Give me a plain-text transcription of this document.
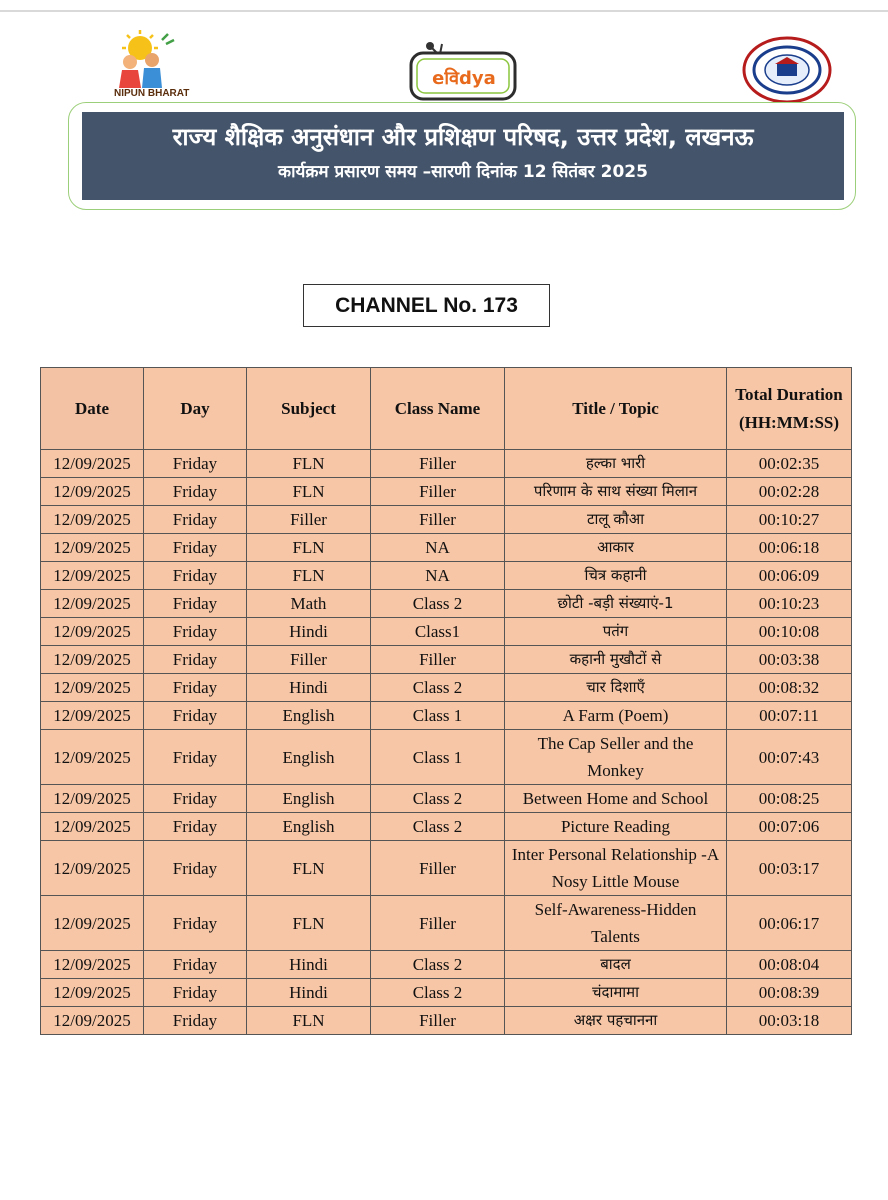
NIPUN BHARAT
eविdya
राज्य शैक्षिक अनुसंधान और प्रशिक्षण परिषद, उत्तर प्रदेश, लखनऊ
कार्यक्रम प्रसारण समय –सारणी दिनांक 12 सितंबर 2025
CHANNEL No. 173
Date	Day	Subject	Class Name	Title / Topic	Total Duration (HH:MM:SS)
12/09/2025	Friday	FLN	Filler	हल्का भारी	00:02:35
12/09/2025	Friday	FLN	Filler	परिणाम के साथ संख्या मिलान	00:02:28
12/09/2025	Friday	Filler	Filler	टालू कौआ	00:10:27
12/09/2025	Friday	FLN	NA	आकार	00:06:18
12/09/2025	Friday	FLN	NA	चित्र कहानी	00:06:09
12/09/2025	Friday	Math	Class 2	छोटी -बड़ी संख्याएं-1	00:10:23
12/09/2025	Friday	Hindi	Class1	पतंग	00:10:08
12/09/2025	Friday	Filler	Filler	कहानी मुखौटों से	00:03:38
12/09/2025	Friday	Hindi	Class 2	चार दिशाएँ	00:08:32
12/09/2025	Friday	English	Class 1	A Farm (Poem)	00:07:11
12/09/2025	Friday	English	Class 1	The Cap Seller and the Monkey	00:07:43
12/09/2025	Friday	English	Class 2	Between Home and School	00:08:25
12/09/2025	Friday	English	Class 2	Picture Reading	00:07:06
12/09/2025	Friday	FLN	Filler	Inter Personal Relationship -A Nosy Little Mouse	00:03:17
12/09/2025	Friday	FLN	Filler	Self-Awareness-Hidden Talents	00:06:17
12/09/2025	Friday	Hindi	Class 2	बादल	00:08:04
12/09/2025	Friday	Hindi	Class 2	चंदामामा	00:08:39
12/09/2025	Friday	FLN	Filler	अक्षर पहचानना	00:03:18
